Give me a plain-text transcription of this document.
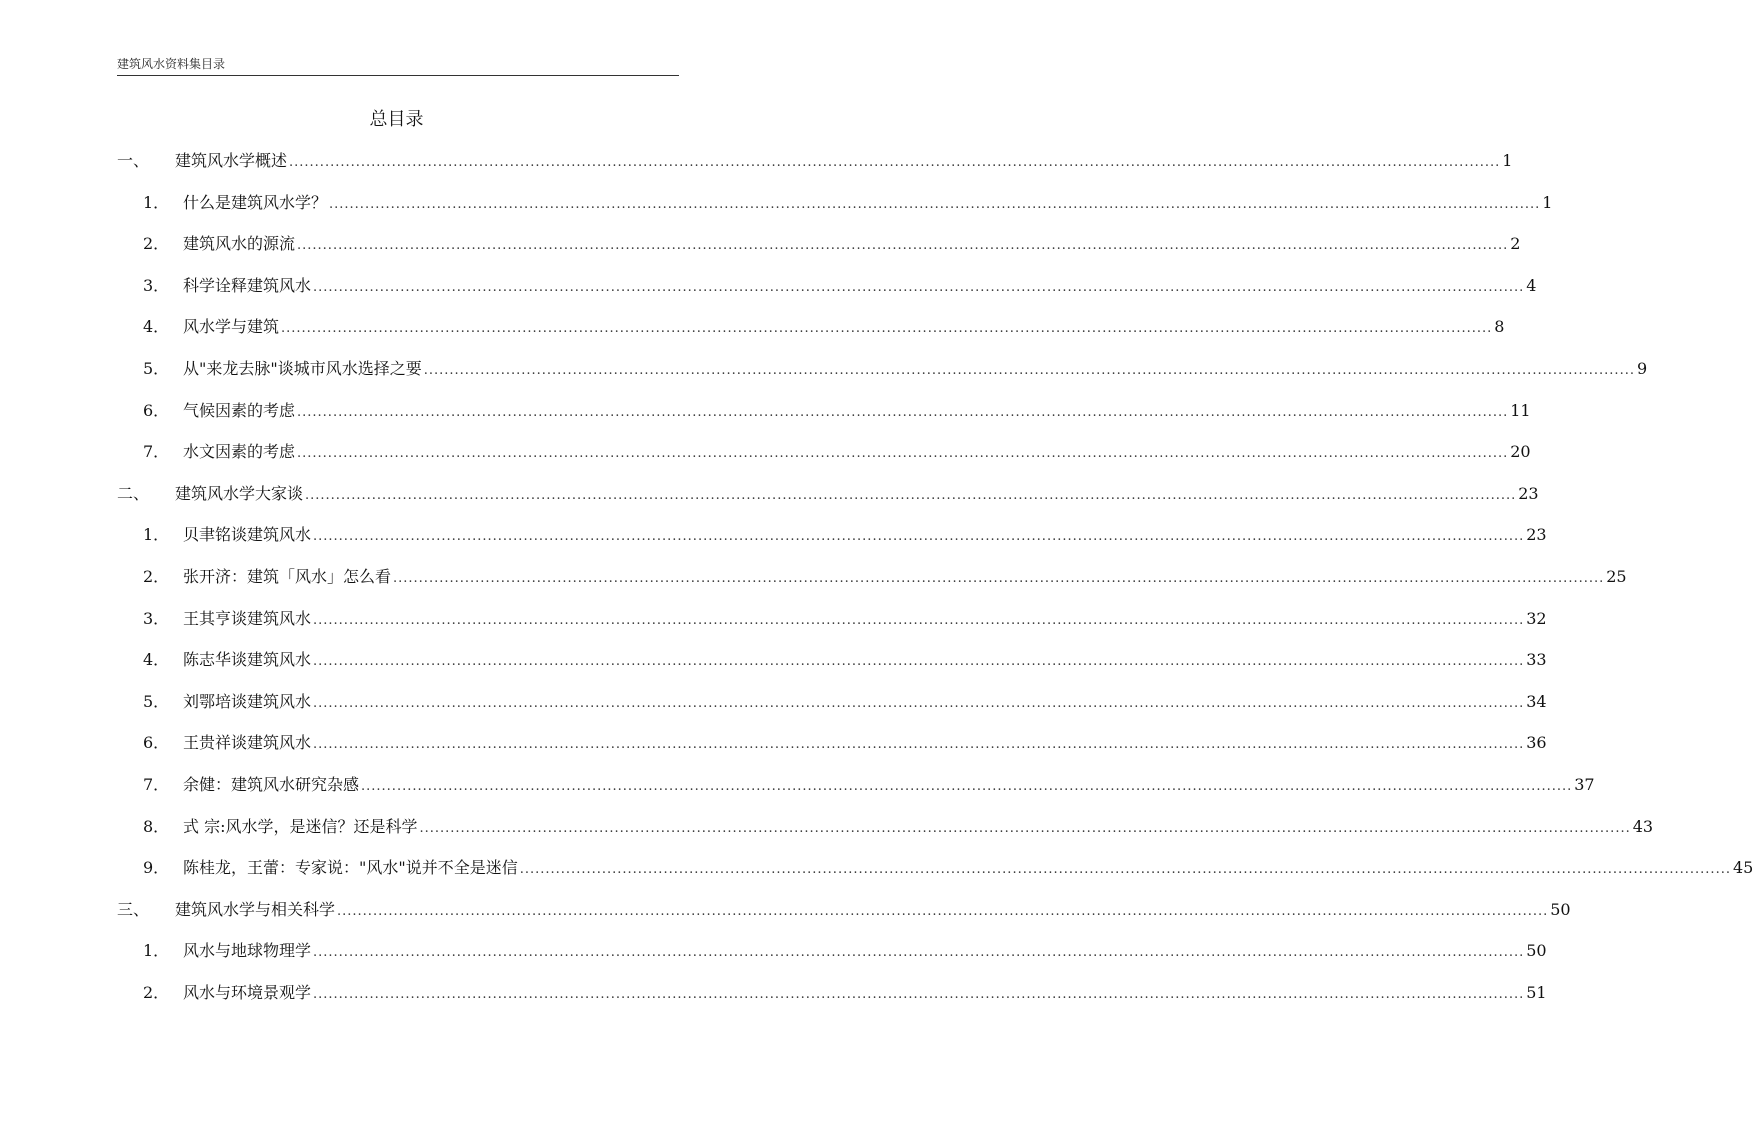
建筑风水资料集目录
总目录
一、	建筑风水学概述 ............................................................................................................................................................................................................................................ 1
1． 什么是建筑风水学？ ............................................................................................................................................................................................................................................ 1
2． 建筑风水的源流 ............................................................................................................................................................................................................................................ 2
3． 科学诠释建筑风水 ............................................................................................................................................................................................................................................ 4
4． 风水学与建筑 ............................................................................................................................................................................................................................................ 8
5． 从"来龙去脉"谈城市风水选择之要 ............................................................................................................................................................................................................................................ 9
6． 气候因素的考虑 ............................................................................................................................................................................................................................................ 11
7． 水文因素的考虑 ............................................................................................................................................................................................................................................ 20
二、	建筑风水学大家谈 ............................................................................................................................................................................................................................................ 23
1． 贝聿铭谈建筑风水 ............................................................................................................................................................................................................................................ 23
2． 张开济：建筑「风水」怎么看 ............................................................................................................................................................................................................................................ 25
3． 王其亨谈建筑风水 ............................................................................................................................................................................................................................................ 32
4． 陈志华谈建筑风水 ............................................................................................................................................................................................................................................ 33
5． 刘鄂培谈建筑风水 ............................................................................................................................................................................................................................................ 34
6． 王贵祥谈建筑风水 ............................................................................................................................................................................................................................................ 36
7． 余健：建筑风水研究杂感 ............................................................................................................................................................................................................................................ 37
8． 式 宗:风水学，是迷信？还是科学 ............................................................................................................................................................................................................................................ 43
9． 陈桂龙，王蕾：专家说："风水"说并不全是迷信 ............................................................................................................................................................................................................................................ 45
三、	建筑风水学与相关科学 ............................................................................................................................................................................................................................................ 50
1． 风水与地球物理学 ............................................................................................................................................................................................................................................ 50
2． 风水与环境景观学 ............................................................................................................................................................................................................................................ 51
